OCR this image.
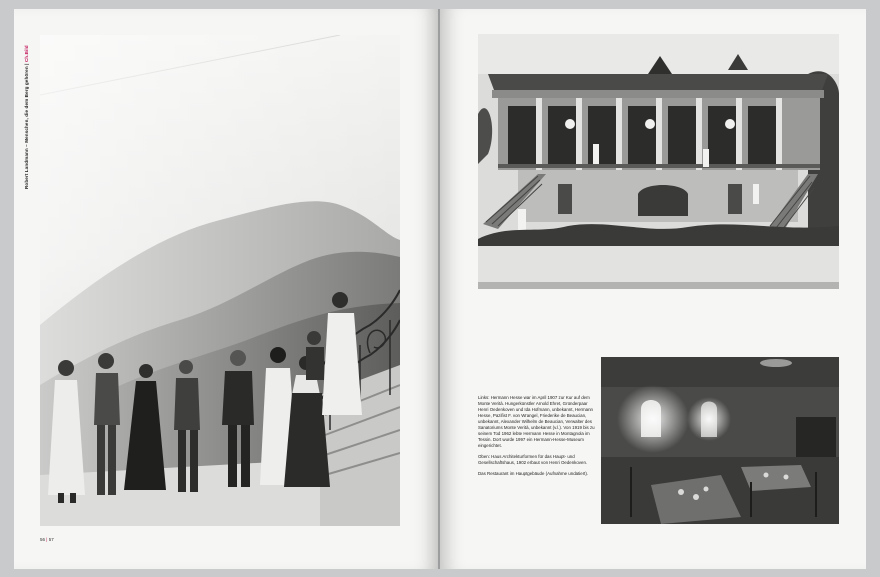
Robert Landmann – Menschen, die dem Berg gehören | Ch.Bild
56 | 57

Links: Hermann Hesse war im April 1907 zur Kur auf dem Monte Verità. Hungerkünstler Arnold Ehret, Gründerpaar Henri Oedenkoven und Ida Hofmann, unbekannt, Hermann Hesse, Pazifist F. von Wrangel, Friederike de Beaucian, unbekannt, Alexander Wilhelm de Beaucian, Verwalter des Sanatoriums Monte Verità, unbekannt (v.l.). Von 1919 bis zu seinem Tod 1962 lebte Hermann Hesse in Montagnola im Tessin. Dort wurde 1997 ein Hermann-Hesse-Museum eingerichtet.

Oben: Haus Architekturformen für das Haupt- und Gesellschaftshaus, 1902 erbaut von Henri Oedenkoven.

Das Restaurant im Hauptgebäude (Aufnahme undatiert).
